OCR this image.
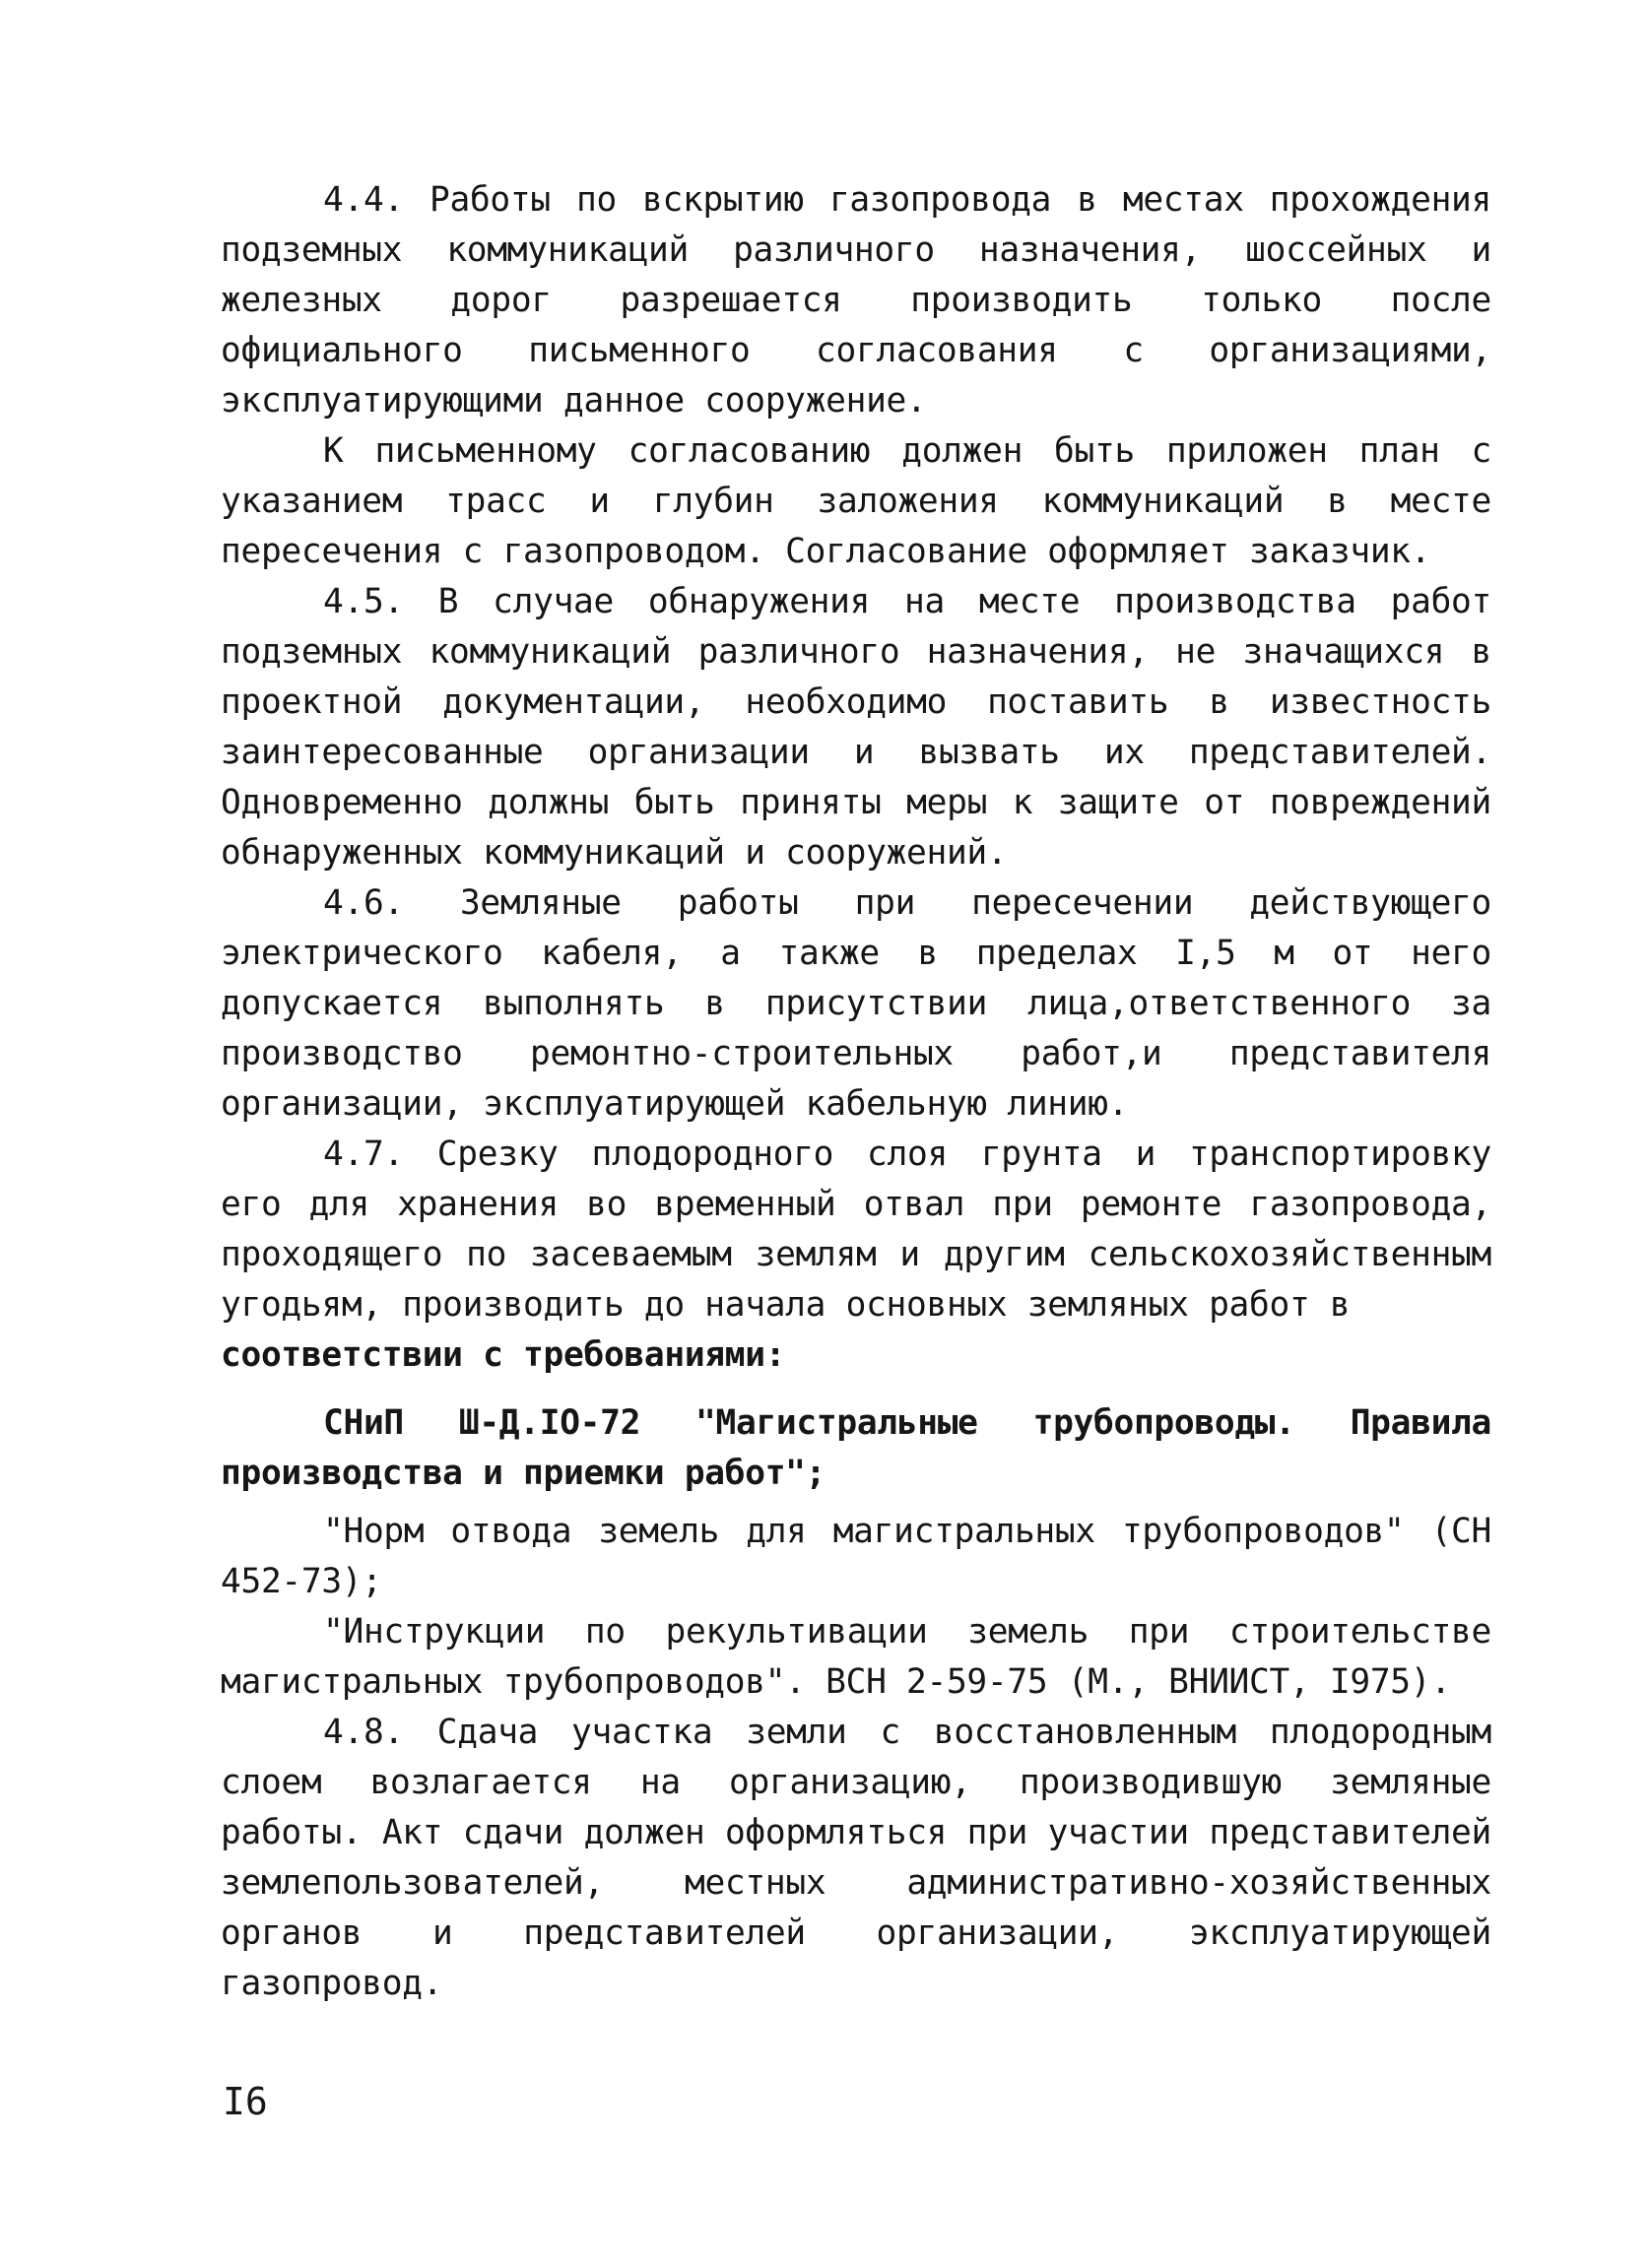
4.4. Работы по вскрытию газопровода в местах прохождения подземных коммуникаций различного назначения, шоссейных и железных дорог разрешается производить только после официального письменного согласования с организациями, эксплуатирующими данное сооружение.

К письменному согласованию должен быть приложен план с указанием трасс и глубин заложения коммуникаций в месте пересечения с газопроводом. Согласование оформляет заказчик.

4.5. В случае обнаружения на месте производства работ подземных коммуникаций различного назначения, не значащихся в проектной документации, необходимо поставить в известность заинтересованные организации и вызвать их представителей. Одновременно должны быть приняты меры к защите от повреждений обнаруженных коммуникаций и сооружений.

4.6. Земляные работы при пересечении действующего электрического кабеля, а также в пределах I,5 м от него допускается выполнять в присутствии лица,ответственного за производство ремонтно-строительных работ,и представителя организации, эксплуатирующей кабельную линию.

4.7. Срезку плодородного слоя грунта и транспортировку его для хранения во временный отвал при ремонте газопровода, проходящего по засеваемым землям и другим сельскохозяйственным угодьям, производить до начала основных земляных работ в

соответствии с требованиями:

СНиП Ш-Д.IO-72 "Магистральные трубопроводы. Правила производства и приемки работ";

"Норм отвода земель для магистральных трубопроводов" (СН 452-73);

"Инструкции по рекультивации земель при строительстве магистральных трубопроводов". ВСН 2-59-75 (М., ВНИИСТ, I975).

4.8. Сдача участка земли с восстановленным плодородным слоем возлагается на организацию, производившую земляные работы. Акт сдачи должен оформляться при участии представителей землепользователей, местных административно-хозяйственных органов и представителей организации, эксплуатирующей газопровод.

I6
